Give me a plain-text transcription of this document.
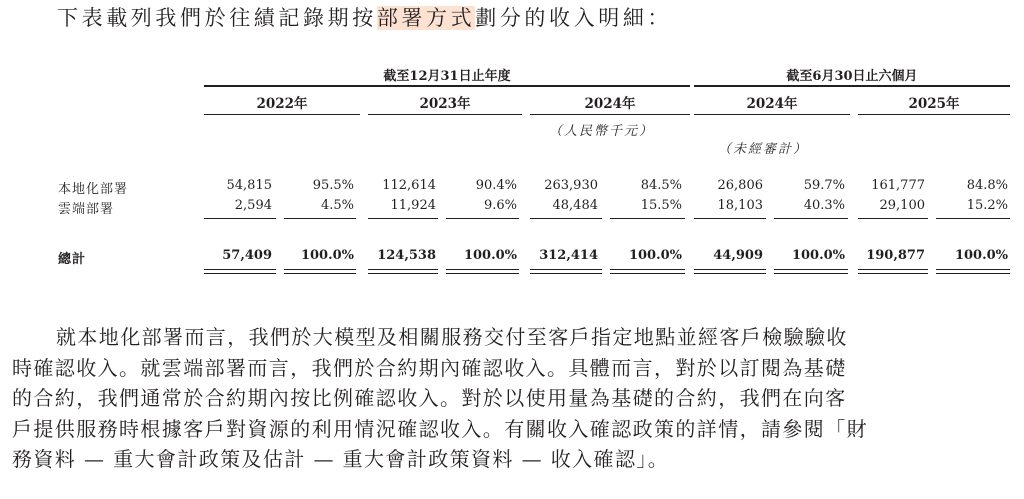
下表載列我們於往績記錄期按部署方式劃分的收入明細：
截至12月31日止年度	截至6月30日止六個月
2022年	2023年	2024年	2024年	2025年
（人民幣千元）
（未經審計）
本地化部署	54,815	95.5%	112,614	90.4%	263,930	84.5%	26,806	59.7%	161,777	84.8%
雲端部署	2,594	4.5%	11,924	9.6%	48,484	15.5%	18,103	40.3%	29,100	15.2%
總計	57,409	100.0%	124,538	100.0%	312,414	100.0%	44,909	100.0%	190,877	100.0%

就本地化部署而言，我們於大模型及相關服務交付至客戶指定地點並經客戶檢驗驗收

時確認收入。就雲端部署而言，我們於合約期內確認收入。具體而言，對於以訂閱為基礎

的合約，我們通常於合約期內按比例確認收入。對於以使用量為基礎的合約，我們在向客

戶提供服務時根據客戶對資源的利用情況確認收入。有關收入確認政策的詳情，請參閱「財

務資料 — 重大會計政策及估計 — 重大會計政策資料 — 收入確認」。
